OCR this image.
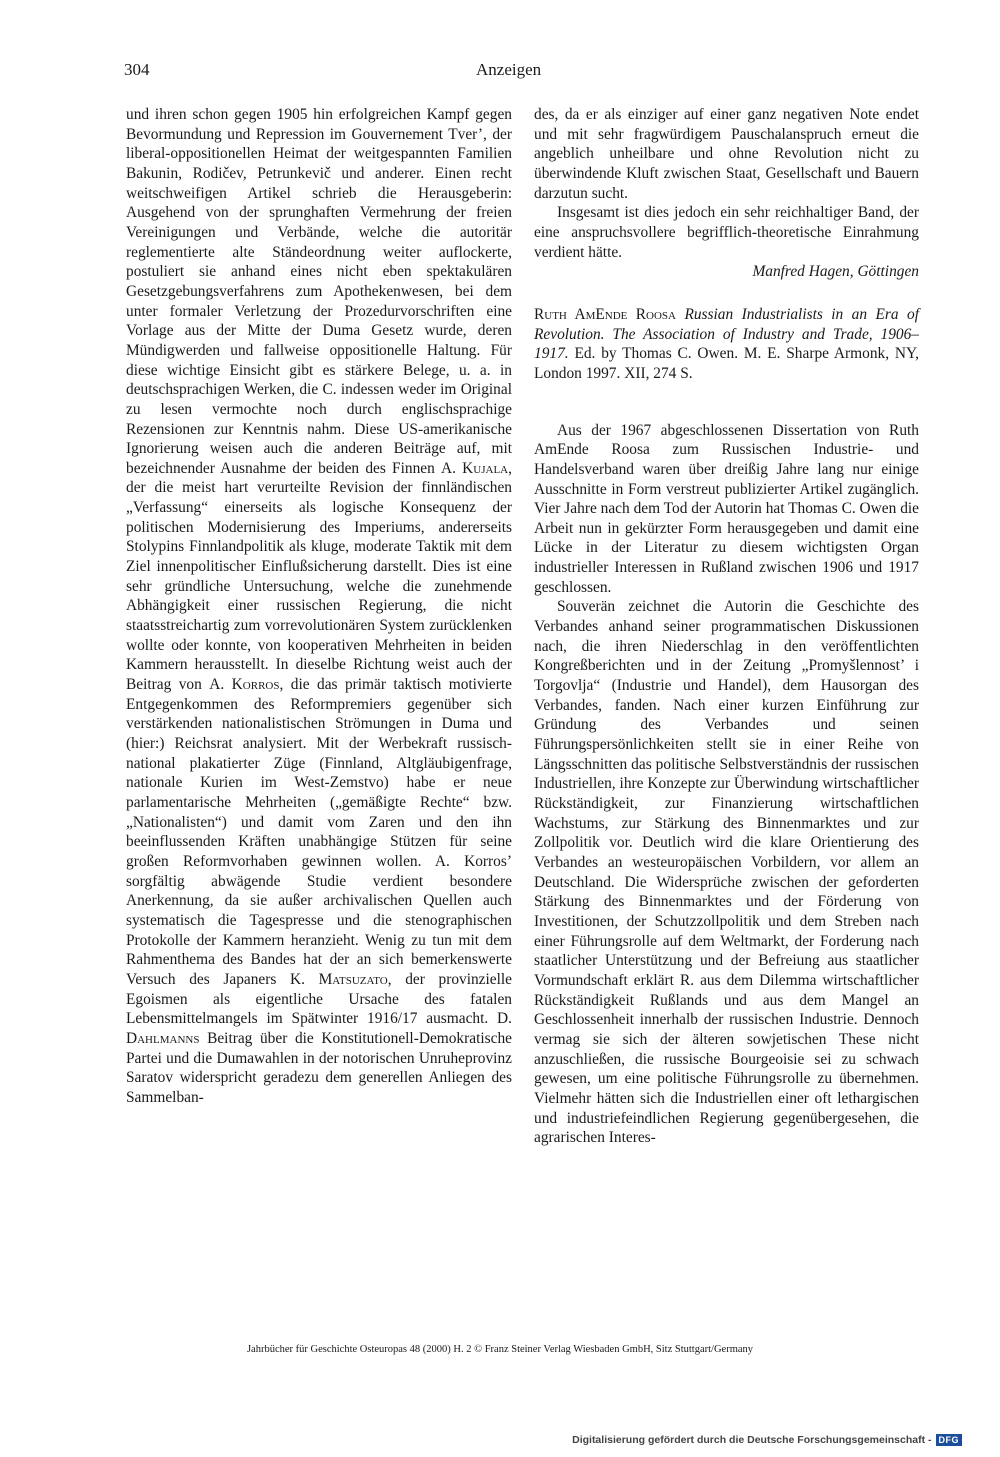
304	Anzeigen

und ihren schon gegen 1905 hin erfolgreichen Kampf gegen Bevormundung und Repression im Gouvernement Tver’, der liberal-oppositionellen Heimat der weitgespannten Familien Bakunin, Rodičev, Petrunkevič und anderer. Einen recht weitschweifigen Artikel schrieb die Herausgeberin: Ausgehend von der sprunghaften Vermehrung der freien Vereinigungen und Verbände, welche die autoritär reglementierte alte Ständeordnung weiter auflockerte, postuliert sie anhand eines nicht eben spektakulären Gesetzgebungsverfahrens zum Apothekenwesen, bei dem unter formaler Verletzung der Prozedurvorschriften eine Vorlage aus der Mitte der Duma Gesetz wurde, deren Mündigwerden und fallweise oppositionelle Haltung. Für diese wichtige Einsicht gibt es stärkere Belege, u. a. in deutschsprachigen Werken, die C. indessen weder im Original zu lesen vermochte noch durch englischsprachige Rezensionen zur Kenntnis nahm. Diese US-amerikanische Ignorierung weisen auch die anderen Beiträge auf, mit bezeichnender Ausnahme der beiden des Finnen A. Kujala, der die meist hart verurteilte Revision der finnländischen „Verfassung“ einerseits als logische Konsequenz der politischen Modernisierung des Imperiums, andererseits Stolypins Finnlandpolitik als kluge, moderate Taktik mit dem Ziel innenpolitischer Einflußsicherung darstellt. Dies ist eine sehr gründliche Untersuchung, welche die zunehmende Abhängigkeit einer russischen Regierung, die nicht staatsstreichartig zum vorrevolutionären System zurücklenken wollte oder konnte, von kooperativen Mehrheiten in beiden Kammern herausstellt. In dieselbe Richtung weist auch der Beitrag von A. Korros, die das primär taktisch motivierte Entgegenkommen des Reformpremiers gegenüber sich verstärkenden nationalistischen Strömungen in Duma und (hier:) Reichsrat analysiert. Mit der Werbekraft russisch-national plakatierter Züge (Finnland, Altgläubigenfrage, nationale Kurien im West-Zemstvo) habe er neue parlamentarische Mehrheiten („gemäßigte Rechte“ bzw. „Nationalisten“) und damit vom Zaren und den ihn beeinflussenden Kräften unabhängige Stützen für seine großen Reformvorhaben gewinnen wollen. A. Korros’ sorgfältig abwägende Studie verdient besondere Anerkennung, da sie außer archivalischen Quellen auch systematisch die Tagespresse und die stenographischen Protokolle der Kammern heranzieht. Wenig zu tun mit dem Rahmenthema des Bandes hat der an sich bemerkenswerte Versuch des Japaners K. Matsuzato, der provinzielle Egoismen als eigentliche Ursache des fatalen Lebensmittelmangels im Spätwinter 1916/17 ausmacht. D. Dahlmanns Beitrag über die Konstitutionell-Demokratische Partei und die Dumawahlen in der notorischen Unruheprovinz Saratov widerspricht geradezu dem generellen Anliegen des Sammelban-

des, da er als einziger auf einer ganz negativen Note endet und mit sehr fragwürdigem Pauschalanspruch erneut die angeblich unheilbare und ohne Revolution nicht zu überwindende Kluft zwischen Staat, Gesellschaft und Bauern darzutun sucht.

Insgesamt ist dies jedoch ein sehr reichhaltiger Band, der eine anspruchsvollere begrifflich-theoretische Einrahmung verdient hätte.

Manfred Hagen, Göttingen

Ruth AmEnde Roosa Russian Industrialists in an Era of Revolution. The Association of Industry and Trade, 1906–1917. Ed. by Thomas C. Owen. M. E. Sharpe Armonk, NY, London 1997. XII, 274 S.

Aus der 1967 abgeschlossenen Dissertation von Ruth AmEnde Roosa zum Russischen Industrie- und Handelsverband waren über dreißig Jahre lang nur einige Ausschnitte in Form verstreut publizierter Artikel zugänglich. Vier Jahre nach dem Tod der Autorin hat Thomas C. Owen die Arbeit nun in gekürzter Form herausgegeben und damit eine Lücke in der Literatur zu diesem wichtigsten Organ industrieller Interessen in Rußland zwischen 1906 und 1917 geschlossen.

Souverän zeichnet die Autorin die Geschichte des Verbandes anhand seiner programmatischen Diskussionen nach, die ihren Niederschlag in den veröffentlichten Kongreßberichten und in der Zeitung „Promyšlennost’ i Torgovlja“ (Industrie und Handel), dem Hausorgan des Verbandes, fanden. Nach einer kurzen Einführung zur Gründung des Verbandes und seinen Führungspersönlichkeiten stellt sie in einer Reihe von Längsschnitten das politische Selbstverständnis der russischen Industriellen, ihre Konzepte zur Überwindung wirtschaftlicher Rückständigkeit, zur Finanzierung wirtschaftlichen Wachstums, zur Stärkung des Binnenmarktes und zur Zollpolitik vor. Deutlich wird die klare Orientierung des Verbandes an westeuropäischen Vorbildern, vor allem an Deutschland. Die Widersprüche zwischen der geforderten Stärkung des Binnenmarktes und der Förderung von Investitionen, der Schutzzollpolitik und dem Streben nach einer Führungsrolle auf dem Weltmarkt, der Forderung nach staatlicher Unterstützung und der Befreiung aus staatlicher Vormundschaft erklärt R. aus dem Dilemma wirtschaftlicher Rückständigkeit Rußlands und aus dem Mangel an Geschlossenheit innerhalb der russischen Industrie. Dennoch vermag sie sich der älteren sowjetischen These nicht anzuschließen, die russische Bourgeoisie sei zu schwach gewesen, um eine politische Führungsrolle zu übernehmen. Vielmehr hätten sich die Industriellen einer oft lethargischen und industriefeindlichen Regierung gegenübergesehen, die agrarischen Interes-

Jahrbücher für Geschichte Osteuropas 48 (2000) H. 2 © Franz Steiner Verlag Wiesbaden GmbH, Sitz Stuttgart/Germany
Digitalisierung gefördert durch die Deutsche Forschungsgemeinschaft - DFG
